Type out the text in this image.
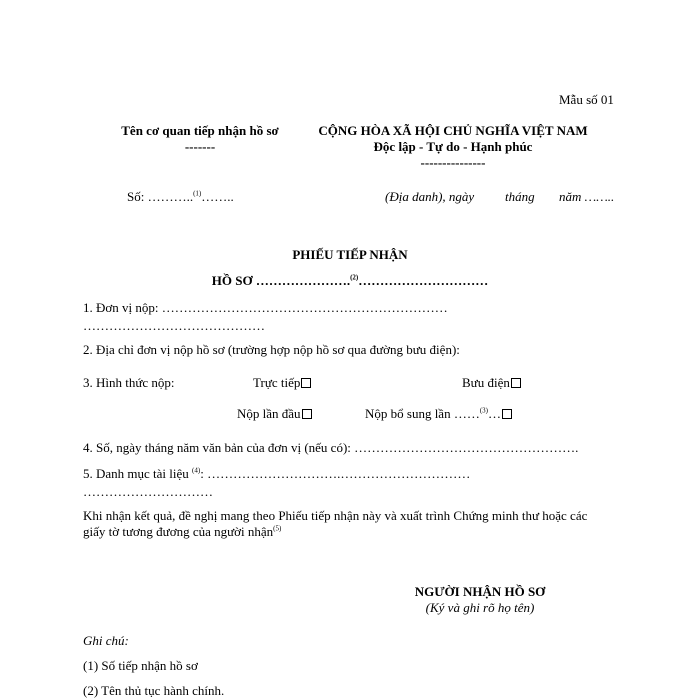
Mẫu số 01
Tên cơ quan tiếp nhận hồ sơ
-------
CỘNG HÒA XÃ HỘI CHỦ NGHĨA VIỆT NAM
Độc lập - Tự do - Hạnh phúc
---------------
Số: ………..$^{(1)}$……..	(Địa danh), ngày tháng năm ……..
PHIẾU TIẾP NHẬN
HỒ SƠ ………………….$^{(2)}$…………………………
1. Đơn vị nộp: …………………………………………………………
……………………………………
2. Địa chỉ đơn vị nộp hồ sơ (trường hợp nộp hồ sơ qua đường bưu điện):
3. Hình thức nộp:	Trực tiếp	Bưu điện
Nộp lần đầu	Nộp bổ sung lần ……$^{(3)}$…
4. Số, ngày tháng năm văn bản của đơn vị (nếu có): …………………………………………….
5. Danh mục tài liệu $^{(4)}$: ………………………….…………………………
…………………………
Khi nhận kết quả, đề nghị mang theo Phiếu tiếp nhận này và xuất trình Chứng minh thư hoặc các
giấy tờ tương đương của người nhận$^{(5)}$
NGƯỜI NHẬN HỒ SƠ
(Ký và ghi rõ họ tên)
Ghi chú:
(1) Số tiếp nhận hồ sơ
(2) Tên thủ tục hành chính.
